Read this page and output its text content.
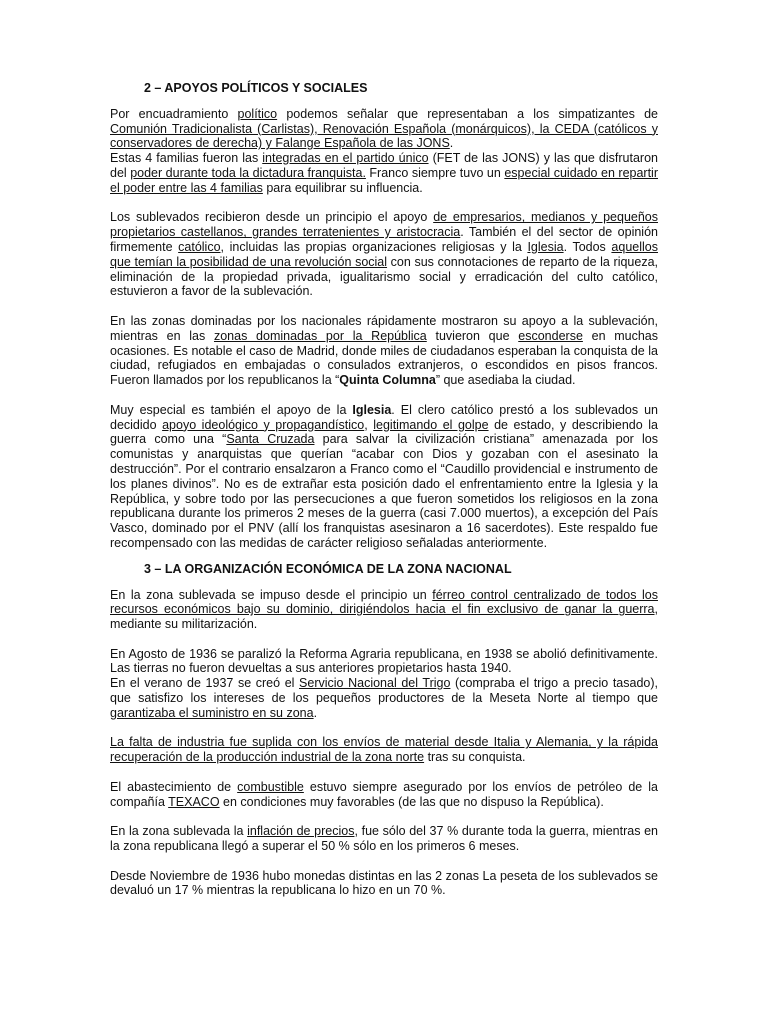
2 – APOYOS POLÍTICOS Y SOCIALES

Por encuadramiento político podemos señalar que representaban a los simpatizantes de Comunión Tradicionalista (Carlistas), Renovación Española (monárquicos), la CEDA (católicos y conservadores de derecha) y Falange Española de las JONS.

Estas 4 familias fueron las integradas en el partido único (FET de las JONS) y las que disfrutaron del poder durante toda la dictadura franquista. Franco siempre tuvo un especial cuidado en repartir el poder entre las 4 familias para equilibrar su influencia.

Los sublevados recibieron desde un principio el apoyo de empresarios, medianos y pequeños propietarios castellanos, grandes terratenientes y aristocracia. También el del sector de opinión firmemente católico, incluidas las propias organizaciones religiosas y la Iglesia. Todos aquellos que temían la posibilidad de una revolución social con sus connotaciones de reparto de la riqueza, eliminación de la propiedad privada, igualitarismo social y erradicación del culto católico, estuvieron a favor de la sublevación.

En las zonas dominadas por los nacionales rápidamente mostraron su apoyo a la sublevación, mientras en las zonas dominadas por la República tuvieron que esconderse en muchas ocasiones. Es notable el caso de Madrid, donde miles de ciudadanos esperaban la conquista de la ciudad, refugiados en embajadas o consulados extranjeros, o escondidos en pisos francos. Fueron llamados por los republicanos la “Quinta Columna” que asediaba la ciudad.

Muy especial es también el apoyo de la Iglesia. El clero católico prestó a los sublevados un decidido apoyo ideológico y propagandístico, legitimando el golpe de estado, y describiendo la guerra como una “Santa Cruzada para salvar la civilización cristiana” amenazada por los comunistas y anarquistas que querían “acabar con Dios y gozaban con el asesinato la destrucción”. Por el contrario ensalzaron a Franco como el “Caudillo providencial e instrumento de los planes divinos”. No es de extrañar esta posición dado el enfrentamiento entre la Iglesia y la República, y sobre todo por las persecuciones a que fueron sometidos los religiosos en la zona republicana durante los primeros 2 meses de la guerra (casi 7.000 muertos), a excepción del País Vasco, dominado por el PNV (allí los franquistas asesinaron a 16 sacerdotes). Este respaldo fue recompensado con las medidas de carácter religioso señaladas anteriormente.

3 – LA ORGANIZACIÓN ECONÓMICA DE LA ZONA NACIONAL

En la zona sublevada se impuso desde el principio un férreo control centralizado de todos los recursos económicos bajo su dominio, dirigiéndolos hacia el fin exclusivo de ganar la guerra, mediante su militarización.

En Agosto de 1936 se paralizó la Reforma Agraria republicana, en 1938 se abolió definitivamente. Las tierras no fueron devueltas a sus anteriores propietarios hasta 1940.

En el verano de 1937 se creó el Servicio Nacional del Trigo (compraba el trigo a precio tasado), que satisfizo los intereses de los pequeños productores de la Meseta Norte al tiempo que garantizaba el suministro en su zona.

La falta de industria fue suplida con los envíos de material desde Italia y Alemania, y la rápida recuperación de la producción industrial de la zona norte tras su conquista.

El abastecimiento de combustible estuvo siempre asegurado por los envíos de petróleo de la compañía TEXACO en condiciones muy favorables (de las que no dispuso la República).

En la zona sublevada la inflación de precios, fue sólo del 37 % durante toda la guerra, mientras en la zona republicana llegó a superar el 50 % sólo en los primeros 6 meses.

Desde Noviembre de 1936 hubo monedas distintas en las 2 zonas La peseta de los sublevados se devaluó un 17 % mientras la republicana lo hizo en un 70 %.
